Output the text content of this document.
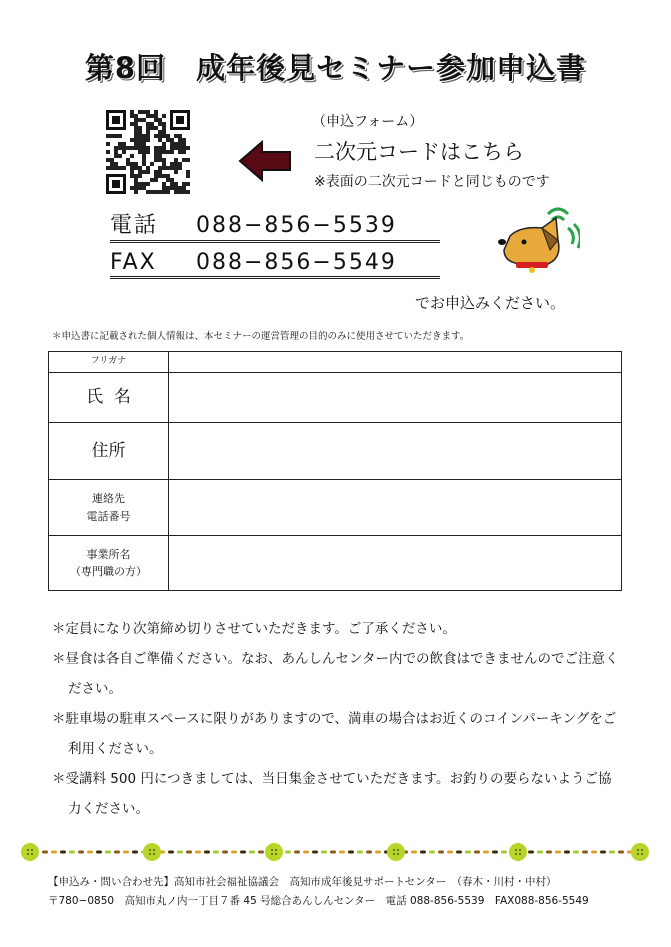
第8回　成年後見セミナー参加申込書
（申込フォーム）
二次元コードはこちら
※表面の二次元コードと同じものです
電話 088−856−5539
FAX 088−856−5549
でお申込みください。
＊申込書に記載された個人情報は、本セミナーの運営管理の目的のみに使用させていただきます。
フリガナ	
氏  名	
住所	

連絡先
電話番号	

事業所名
（専門職の方）	

＊定員になり次第締め切りさせていただきます。ご了承ください。
＊昼食は各自ご準備ください。なお、あんしんセンター内での飲食はできませんのでご注意ください。
＊駐車場の駐車スペースに限りがありますので、満車の場合はお近くのコインパーキングをご利用ください。
＊受講料 500 円につきましては、当日集金させていただきます。お釣りの要らないようご協力ください。
【申込み・問い合わせ先】高知市社会福祉協議会　高知市成年後見サポートセンター　（春木・川村・中村）
〒780−0850　高知市丸ノ内一丁目７番 45 号総合あんしんセンター　電話 088-856-5539　FAX088-856-5549
